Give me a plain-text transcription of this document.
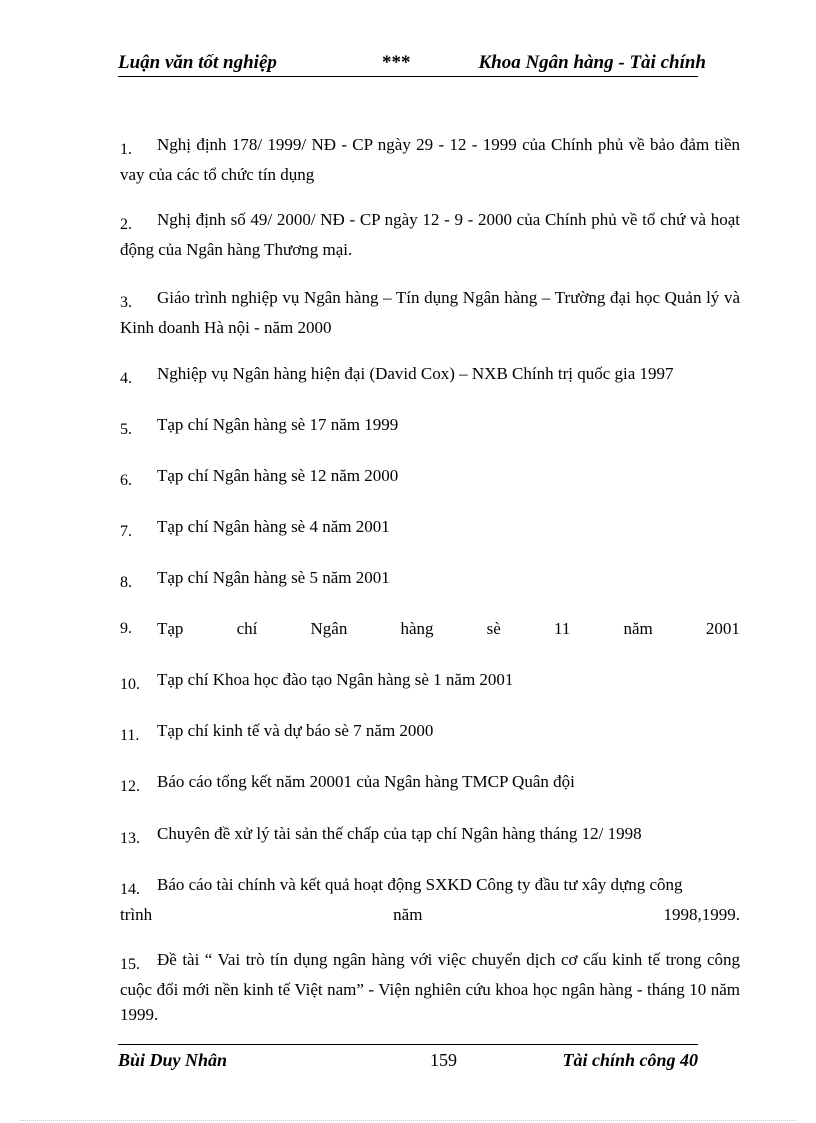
Luận văn tốt nghiệp	***	Khoa Ngân hàng - Tài chính
1. Nghị định 178/ 1999/ NĐ - CP ngày 29 - 12 - 1999 của Chính phủ về bảo đảm tiền vay của các tổ chức tín dụng
2. Nghị định số 49/ 2000/ NĐ - CP ngày 12 - 9 - 2000 của Chính phủ về tổ chứ và hoạt động của Ngân hàng Thương mại.
3. Giáo trình nghiệp vụ Ngân hàng – Tín dụng Ngân hàng – Trường đại học Quản lý và Kinh doanh Hà nội - năm 2000
4. Nghiệp vụ Ngân hàng hiện đại (David Cox) – NXB Chính trị quốc gia 1997
5. Tạp chí Ngân hàng sè 17 năm 1999
6. Tạp chí Ngân hàng sè 12 năm 2000
7. Tạp chí Ngân hàng sè 4 năm 2001
8. Tạp chí Ngân hàng sè 5 năm 2001
9.	Tạp	chí	Ngân	hàng	sè	11	năm	2001
10. Tạp chí Khoa học đào tạo Ngân hàng sè 1 năm 2001
11. Tạp chí kinh tế và dự báo sè 7 năm 2000
12. Báo cáo tổng kết năm 20001 của Ngân hàng TMCP Quân đội
13. Chuyên đề xử lý tài sản thế chấp của tạp chí Ngân hàng tháng 12/ 1998
14. Báo cáo tài chính và kết quả hoạt động SXKD Công ty đầu tư xây dựng công
trình	năm	1998,1999.
15. Đề tài “ Vai trò tín dụng ngân hàng với việc chuyển dịch cơ cấu kinh tế trong công cuộc đổi mới nền kinh tế Việt nam” - Viện nghiên cứu khoa học ngân hàng - tháng 10 năm 1999.
Bùi Duy Nhân	159	Tài chính công 40
